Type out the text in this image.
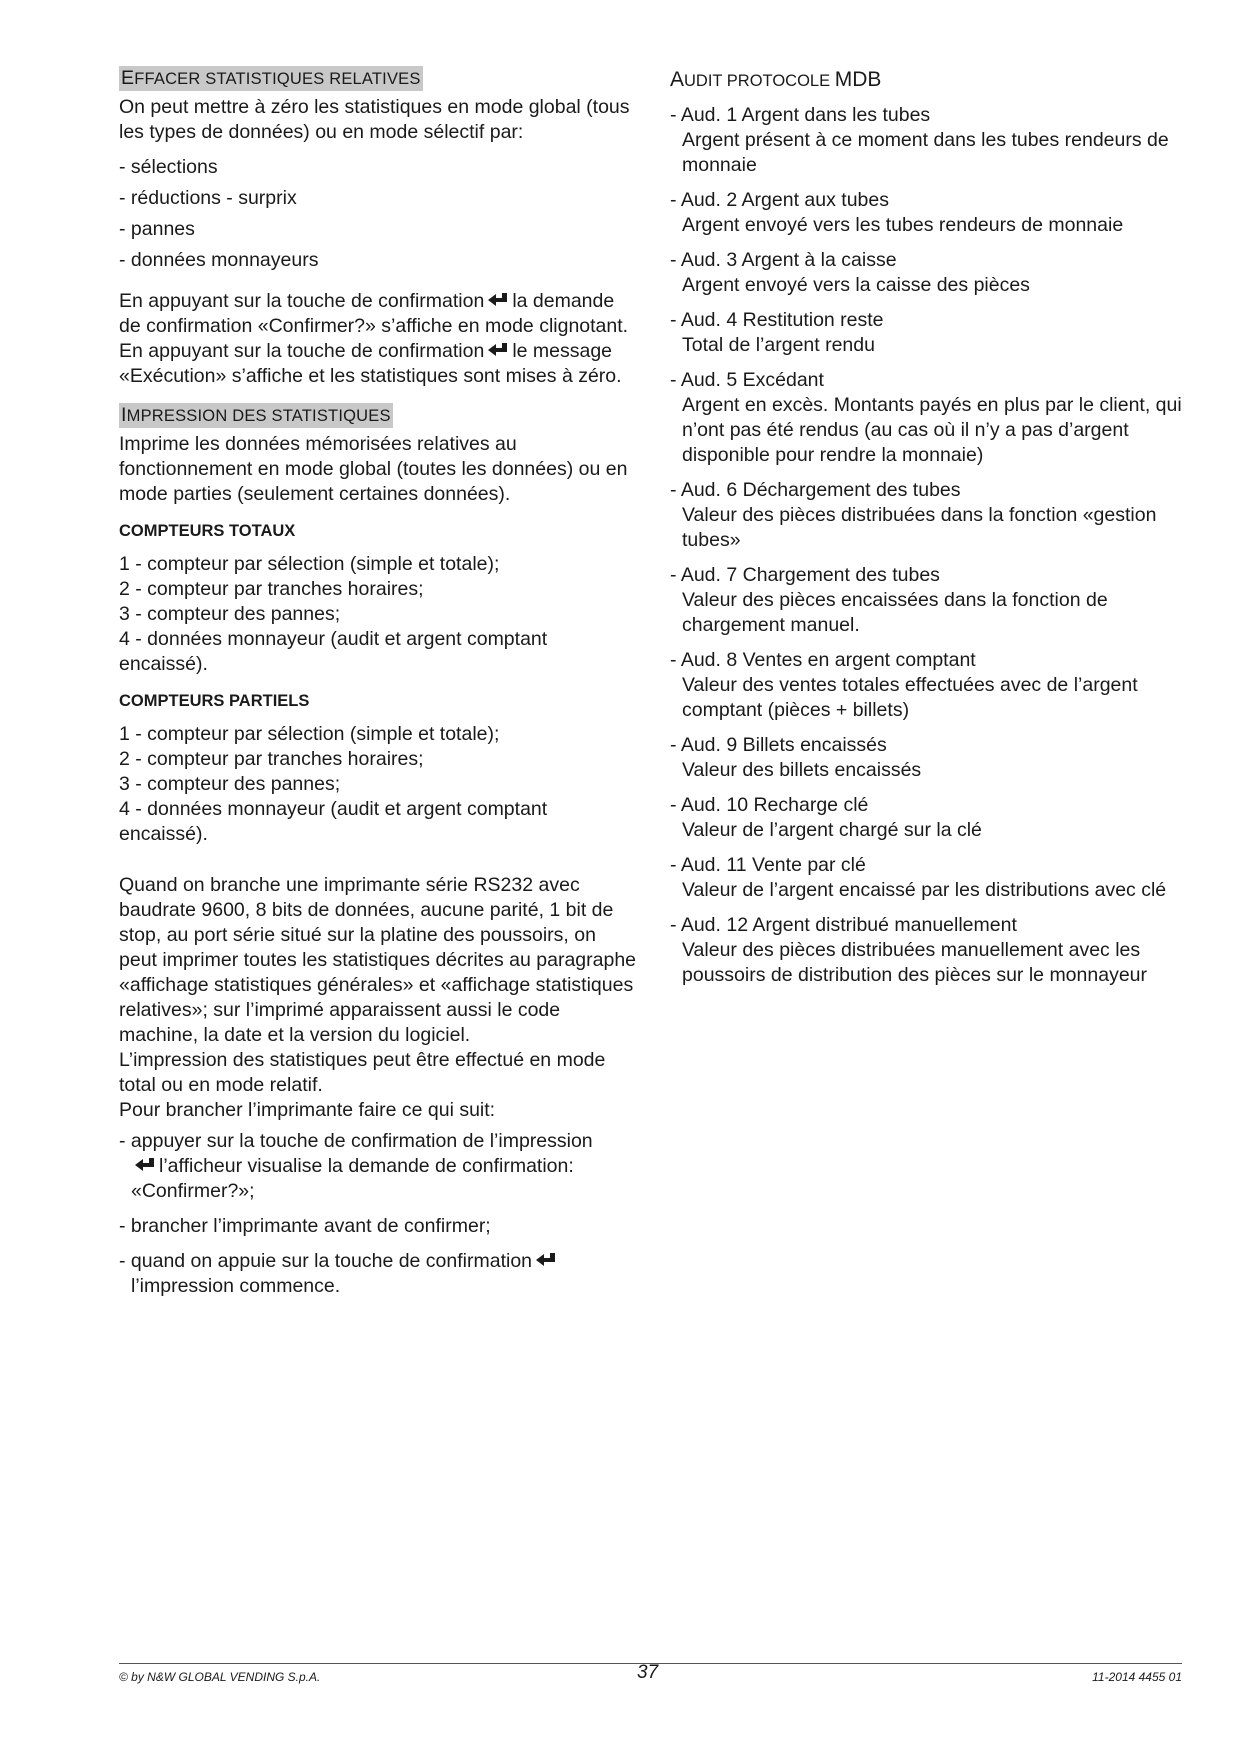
EFFACER STATISTIQUES RELATIVES

On peut mettre à zéro les statistiques en mode global (tous les types de données) ou en mode sélectif par:

- sélections

- réductions - surprix

- pannes

- données monnayeurs

En appuyant sur la touche de confirmation la demande de confirmation «Confirmer?» s’affiche en mode clignotant.

En appuyant sur la touche de confirmation le message «Exécution» s’affiche et les statistiques sont mises à zéro.

IMPRESSION DES STATISTIQUES

Imprime les données mémorisées relatives au fonctionnement en mode global (toutes les données) ou en mode parties (seulement certaines données).

COMPTEURS TOTAUX

1 - compteur par sélection (simple et totale);

2 - compteur par tranches horaires;

3 - compteur des pannes;

4 - données monnayeur (audit et argent comptant encaissé).

COMPTEURS PARTIELS

1 - compteur par sélection (simple et totale);

2 - compteur par tranches horaires;

3 - compteur des pannes;

4 - données monnayeur (audit et argent comptant encaissé).

Quand on branche une imprimante série RS232 avec baudrate 9600, 8 bits de données, aucune parité, 1 bit de stop, au port série situé sur la platine des poussoirs, on peut imprimer toutes les statistiques décrites au paragraphe «affichage statistiques générales» et «affichage statistiques relatives»; sur l’imprimé apparaissent aussi le code machine, la date et la version du logiciel.

L’impression des statistiques peut être effectué en mode total ou en mode relatif.

Pour brancher l’imprimante faire ce qui suit:

- appuyer sur la touche de confirmation de l’impression
l’afficheur visualise la demande de confirmation: «Confirmer?»;

- brancher l’imprimante avant de confirmer;

- quand on appuie sur la touche de confirmation
l’impression commence.

AUDIT PROTOCOLE MDB
- Aud. 1 Argent dans les tubes
Argent présent à ce moment dans les tubes rendeurs de monnaie
- Aud. 2 Argent aux tubes
Argent envoyé vers les tubes rendeurs de monnaie
- Aud. 3 Argent à la caisse
Argent envoyé vers la caisse des pièces
- Aud. 4 Restitution reste
Total de l’argent rendu
- Aud. 5 Excédant
Argent en excès. Montants payés en plus par le client, qui n’ont pas été rendus (au cas où il n’y a pas d’argent disponible pour rendre la monnaie)
- Aud. 6 Déchargement des tubes
Valeur des pièces distribuées dans la fonction «gestion tubes»
- Aud. 7 Chargement des tubes
Valeur des pièces encaissées dans la fonction de chargement manuel.
- Aud. 8 Ventes en argent comptant
Valeur des ventes totales effectuées avec de l’argent comptant (pièces + billets)
- Aud. 9 Billets encaissés
Valeur des billets encaissés
- Aud. 10 Recharge clé
Valeur de l’argent chargé sur la clé
- Aud. 11 Vente par clé
Valeur de l’argent encaissé par les distributions avec clé
- Aud. 12 Argent distribué manuellement
Valeur des pièces distribuées manuellement avec les poussoirs de distribution des pièces sur le monnayeur
© by N&W GLOBAL VENDING S.p.A.	37	11-2014 4455 01
